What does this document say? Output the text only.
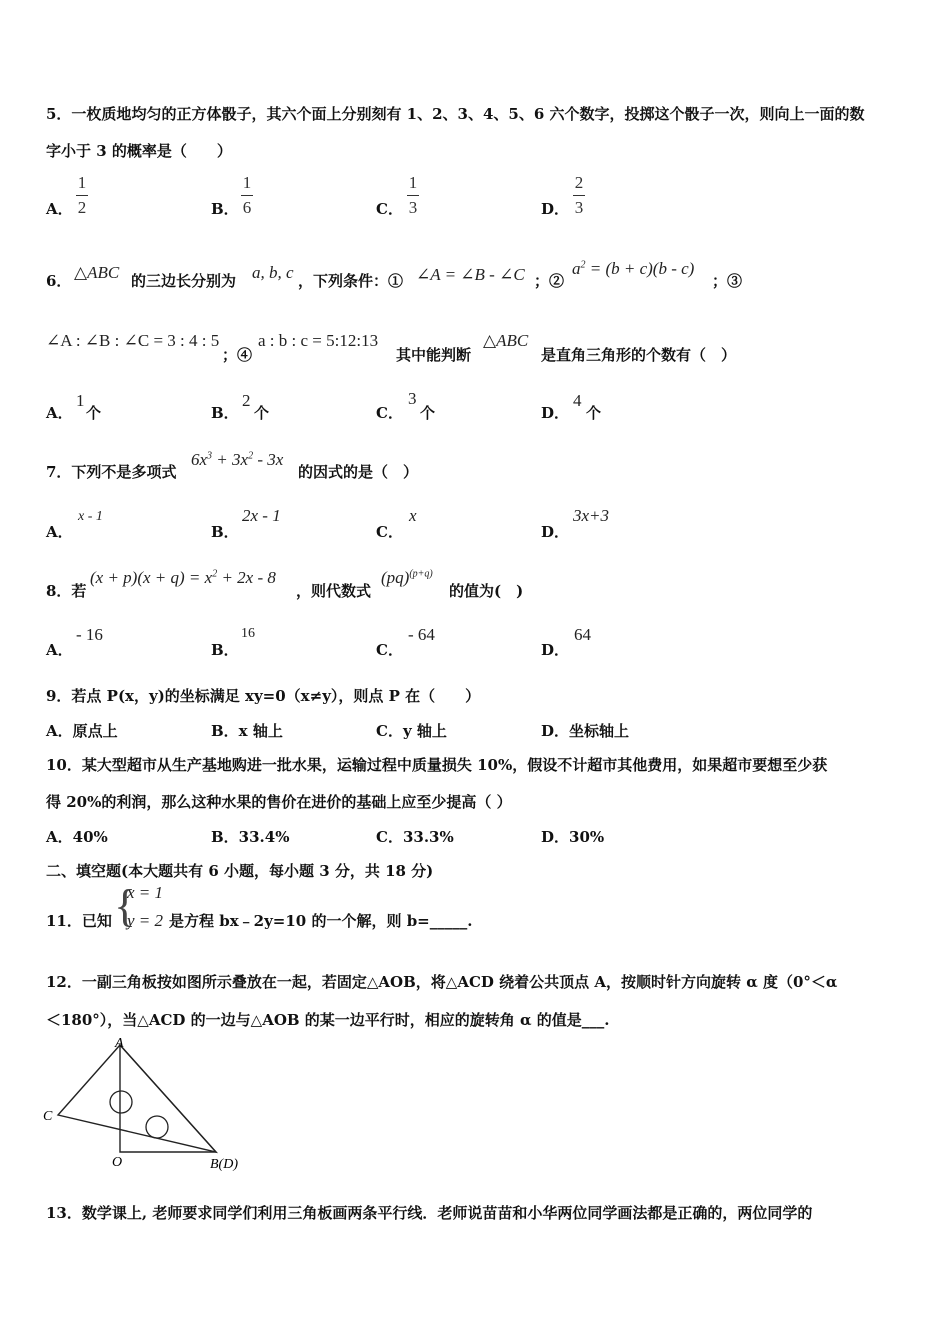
5．一枚质地均匀的正方体骰子，其六个面上分别刻有 1、2、3、4、5、6 六个数字，投掷这个骰子一次，则向上一面的数
字小于 3 的概率是（　　）
A．
1
2	B．
1
6	C．
1
3	D．
2
3
6． △ABC 的三边长分别为 a, b, c ，下列条件：① ∠A = ∠B - ∠C ；②
$a^2 = (b + c)(b - c)$
；③
∠A : ∠B : ∠C = 3 : 4 : 5
；④
a : b : c = 5:12:13
其中能判断
△ABC
是直角三角形的个数有（　）
A．
1
个	B．
2
个	C．
3
个	D．
4
个
7．下列不是多项式
$6x^3 + 3x^2 - 3x$
的因式的是（　）
A．
x - 1
B．
2x - 1
C．
x
D．
3x+3
8．若
$(x + p)(x + q) = x^2 + 2x - 8$
，则代数式
(pq)$^{(p+q)}$
的值为(　)
A．
- 16
B．
16
C．
- 64
D．
64
9．若点 P(x，y)的坐标满足 xy=0（x≠y），则点 P 在（　　）
A．原点上	B．x 轴上	C．y 轴上	D．坐标轴上
10．某大型超市从生产基地购进一批水果，运输过程中质量损失 10%，假设不计超市其他费用，如果超市要想至少获
得 20%的利润，那么这种水果的售价在进价的基础上应至少提高（ ）
A．40%	B．33.4%	C．33.3%	D．30%
二、填空题(本大题共有 6 小题，每小题 3 分，共 18 分)
11．已知 {
x = 1
y = 2 是方程 bx﹣2y=10 的一个解，则 b=_____.
12．一副三角板按如图所示叠放在一起，若固定△AOB，将△ACD 绕着公共顶点 A，按顺时针方向旋转 α 度（0°＜α
＜180°），当△ACD 的一边与△AOB 的某一边平行时，相应的旋转角 α 的值是___.
A
C
O	B(D)
13．数学课上, 老师要求同学们利用三角板画两条平行线．老师说苗苗和小华两位同学画法都是正确的，两位同学的
